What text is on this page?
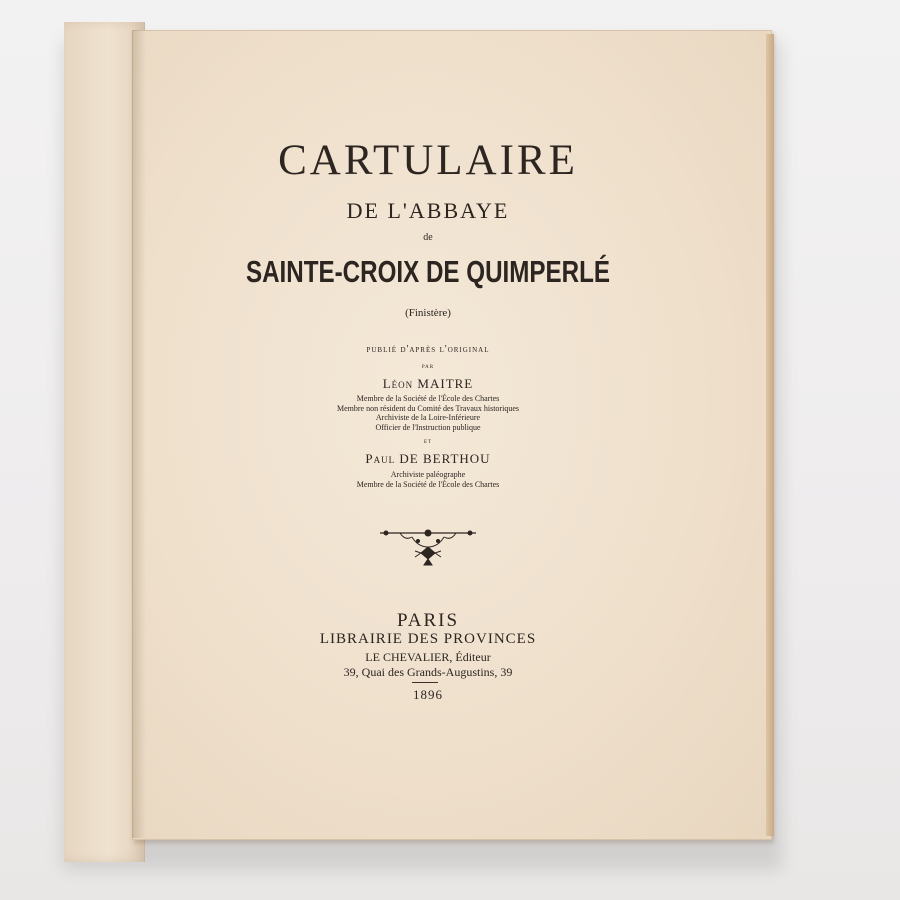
CARTULAIRE
DE L'ABBAYE
de
SAINTE-CROIX DE QUIMPERLÉ
(Finistère)
publié d'après l'original
par
Léon MAITRE
Membre de la Société de l'École des Chartes
Membre non résident du Comité des Travaux historiques
Archiviste de la Loire-Inférieure
Officier de l'Instruction publique
et
Paul DE BERTHOU
Archiviste paléographe
Membre de la Société de l'École des Chartes
PARIS
LIBRAIRIE DES PROVINCES
LE CHEVALIER, Éditeur
39, Quai des Grands-Augustins, 39
1896
